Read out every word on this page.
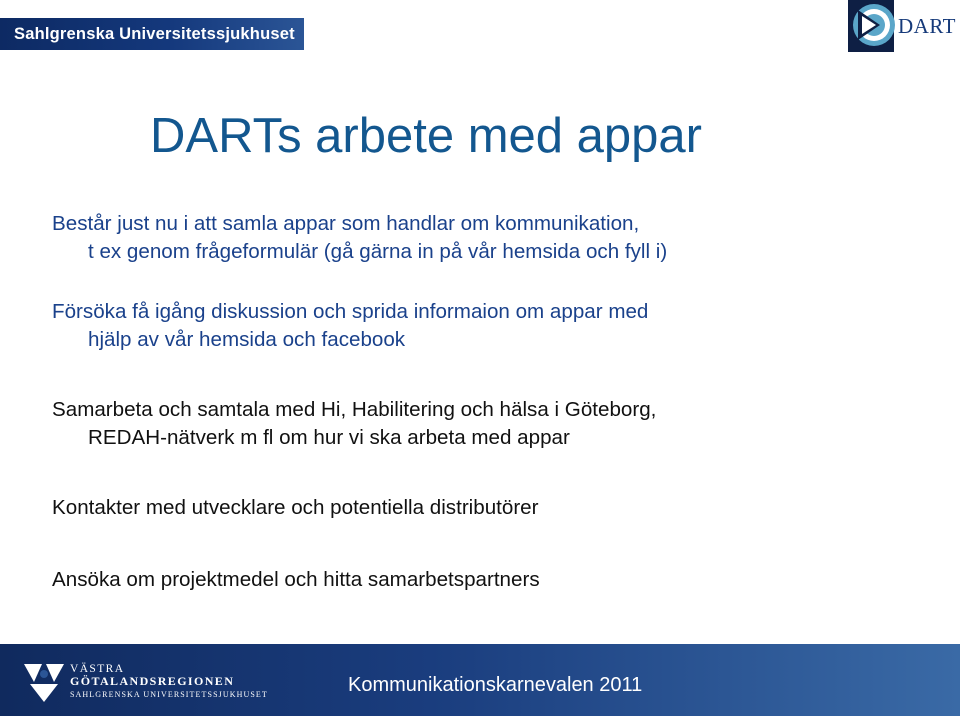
Sahlgrenska Universitetssjukhuset	DART
DARTs arbete med appar
Består just nu i att samla appar som handlar om kommunikation,
t ex genom frågeformulär (gå gärna in på vår hemsida och fyll i)
Försöka få igång diskussion och sprida informaion om appar med
hjälp av vår hemsida och facebook
Samarbeta och samtala med Hi, Habilitering och hälsa i Göteborg,
REDAH-nätverk m fl om hur vi ska arbeta med appar
Kontakter med utvecklare och potentiella distributörer
Ansöka om projektmedel och hitta samarbetspartners
VÄSTRA
GÖTALANDSREGIONEN
SAHLGRENSKA UNIVERSITETSSJUKHUSET	Kommunikationskarnevalen 2011
